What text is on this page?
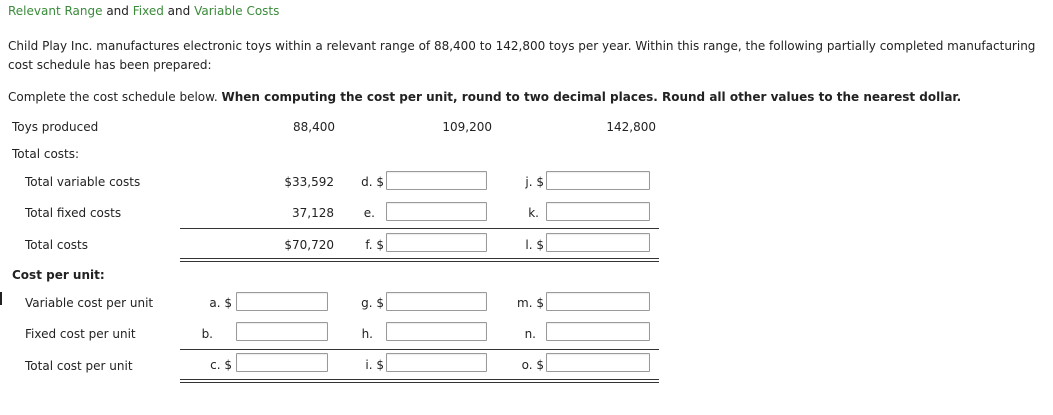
Relevant Range and Fixed and Variable Costs
Child Play Inc. manufactures electronic toys within a relevant range of 88,400 to 142,800 toys per year. Within this range, the following partially completed manufacturing cost schedule has been prepared:
Complete the cost schedule below. When computing the cost per unit, round to two decimal places. Round all other values to the nearest dollar.
Toys produced	88,400	109,200	142,800
Total costs:
Total variable costs	$33,592	d. $	j. $
Total fixed costs	37,128	e.	k.
Total costs	$70,720	f. $	l. $
Cost per unit:
Variable cost per unit	a. $	g. $	m. $
Fixed cost per unit	b.	h.	n.
Total cost per unit	c. $	i. $	o. $
